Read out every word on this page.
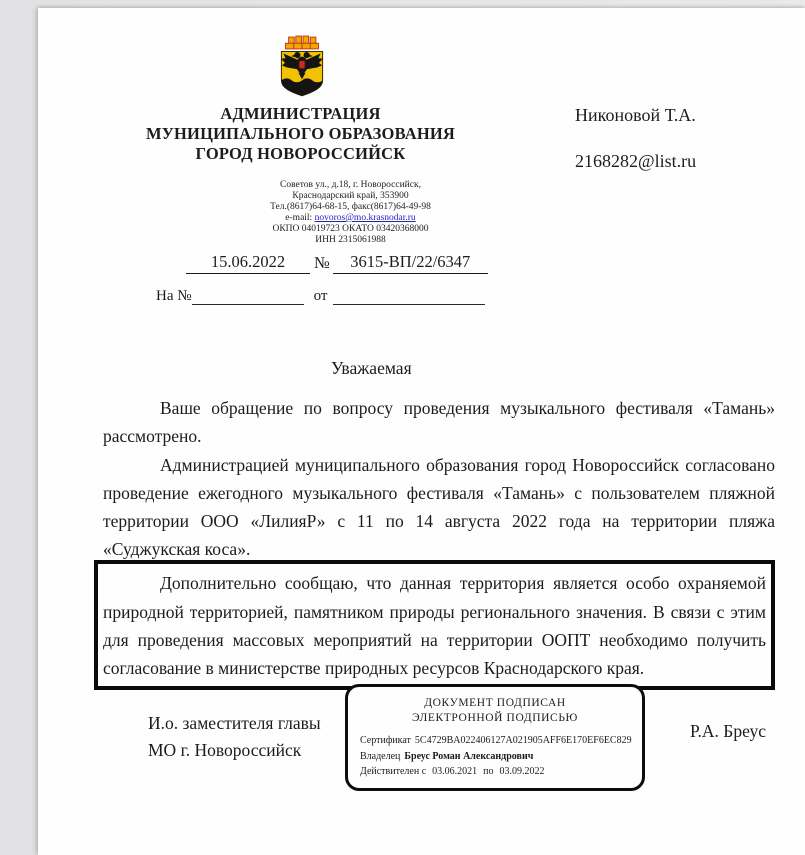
АДМИНИСТРАЦИЯ
МУНИЦИПАЛЬНОГО ОБРАЗОВАНИЯ
ГОРОД НОВОРОССИЙСК
Никоновой Т.А.
2168282@list.ru
Советов ул., д.18, г. Новороссийск,
Краснодарский край, 353900
Тел.(8617)64-68-15, факс(8617)64-49-98
e-mail: novoros@mo.krasnodar.ru
ОКПО 04019723 ОКАТО 03420368000
ИНН 2315061988
15.06.2022	№	3615-ВП/22/6347
На №	от
Уважаемая

Ваше обращение по вопросу проведения музыкального фестиваля «Тамань» рассмотрено.

Администрацией муниципального образования город Новороссийск согласовано проведение ежегодного музыкального фестиваля «Тамань» с пользователем пляжной территории ООО «ЛилияР» с 11 по 14 августа 2022 года на территории пляжа «Суджукская коса».

Дополнительно сообщаю, что данная территория является особо охраняемой природной территорией, памятником природы регионального значения. В связи с этим для проведения массовых мероприятий на территории ООПТ необходимо получить согласование в министерстве природных ресурсов Краснодарского края.

И.о. заместителя главы
МО г. Новороссийск
ДОКУМЕНТ ПОДПИСАН
ЭЛЕКТРОННОЙ ПОДПИСЬЮ
Сертификат 5C4729BA022406127A021905AFF6E170EF6EC829
Владелец Бреус Роман Александрович
Действителен с 03.06.2021 по 03.09.2022
Р.А. Бреус
